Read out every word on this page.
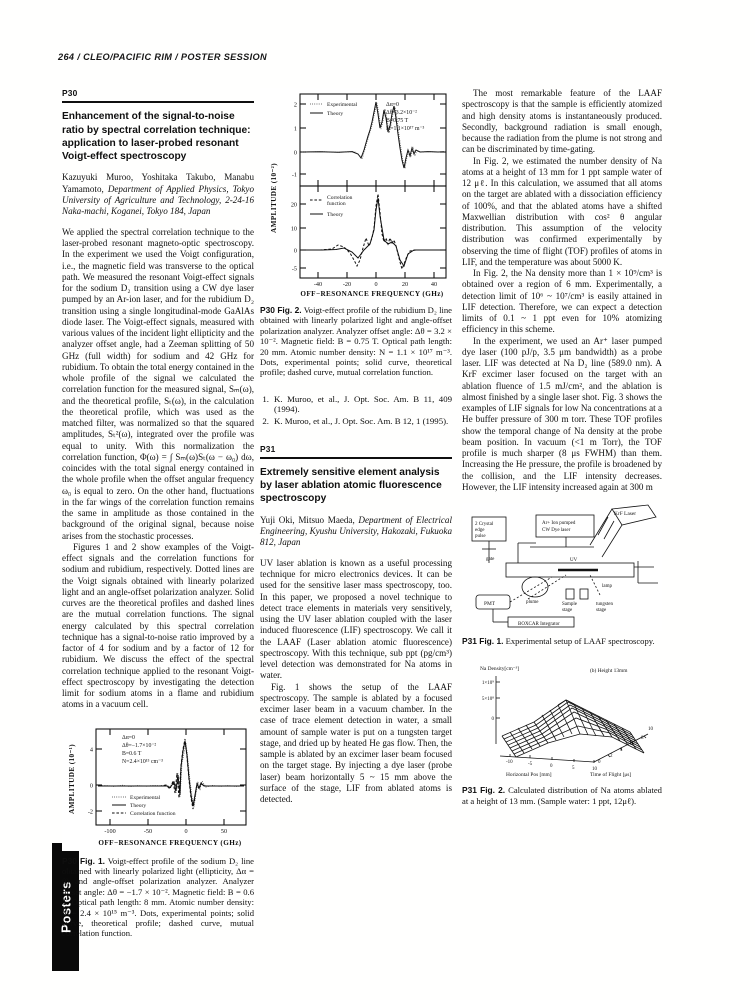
264 / CLEO/PACIFIC RIM / POSTER SESSION
Posters
P30
Enhancement of the signal-to-noise ratio by spectral correlation technique: application to laser-probed resonant Voigt-effect spectroscopy
Kazuyuki Muroo, Yoshitaka Takubo, Manabu Yamamoto, Department of Applied Physics, Tokyo University of Agriculture and Technology, 2-24-16 Naka-machi, Koganei, Tokyo 184, Japan

We applied the spectral correlation technique to the laser-probed resonant magneto-optic spectroscopy. In the experiment we used the Voigt configuration, i.e., the magnetic field was transverse to the optical path. We measured the resonant Voigt-effect signals for the sodium D₂ transition using a CW dye laser pumped by an Ar-ion laser, and for the rubidium D₂ transition using a single longitudinal-mode GaAlAs diode laser. The Voigt-effect signals, measured with various values of the incident light ellipticity and the analyzer offset angle, had a Zeeman splitting of 50 GHz (full width) for sodium and 42 GHz for rubidium. To obtain the total energy contained in the whole profile of the signal we calculated the correlation function for the measured signal, Sₘ(ω), and the theoretical profile, Sₜ(ω), in the calculation the theoretical profile, which was used as the matched filter, was normalized so that the squared amplitudes, Sₜ²(ω), integrated over the profile was equal to unity. With this normalization the correlation function, Φ(ω) = ∫ Sₘ(ω)Sₜ(ω − ω₀) dω, coincides with the total signal energy contained in the whole profile when the offset angular frequency ω₀ is equal to zero. On the other hand, fluctuations in the far wings of the correlation function remains the same in amplitude as those contained in the background of the original signal, because noise arises from the stochastic processes.

Figures 1 and 2 show examples of the Voigt-effect signals and the correlation functions for sodium and rubidium, respectively. Dotted lines are the Voigt signals obtained with linearly polarized light and an angle-offset polarization analyzer. Solid curves are the theoretical profiles and dashed lines are the mutual correlation functions. The signal energy calculated by this spectral correlation technique has a signal-to-noise ratio improved by a factor of 4 for sodium and by a factor of 12 for rubidium. We discuss the effect of the spectral correlation technique applied to the resonant Voigt-effect spectroscopy by investigating the detection limit for sodium atoms in a flame and rubidium atoms in a vacuum cell.

4
0
-2
-100	-50	0	50
Δα=0
Δθ=−1.7×10⁻²
B=0.6 T
N=2.4×10¹⁵ cm⁻³
Experimental
Theory
Correlation function
OFF−RESONANCE FREQUENCY (GHz)
AMPLITUDE (10⁻¹)
P30 Fig. 1. Voigt-effect profile of the sodium D₂ line obtained with linearly polarized light (ellipticity, Δα = 0) and angle-offset polarization analyzer. Analyzer offset angle: Δθ = −1.7 × 10⁻². Magnetic field: B = 0.6 T. Optical path length: 8 mm. Atomic number density: N = 2.4 × 10¹⁵ m⁻³. Dots, experimental points; solid curve, theoretical profile; dashed curve, mutual correlation function.
2
1
0
-1
Δα=0
Δθ=3.2×10⁻²
B=0.75 T
N=1.1×10¹⁷ m⁻³
Experimental
Theory
20
10
0
-5
-40	-20	0	20	40
Correlation
function
Theory
OFF−RESONANCE FREQUENCY (GHz)
AMPLITUDE (10⁻²)
P30 Fig. 2. Voigt-effect profile of the rubidium D₂ line obtained with linearly polarized light and angle-offset polarization analyzer. Analyzer offset angle: Δθ = 3.2 × 10⁻². Magnetic field: B = 0.75 T. Optical path length: 20 mm. Atomic number density: N = 1.1 × 10¹⁷ m⁻³. Dots, experimental points; solid curve, theoretical profile; dashed curve, mutual correlation function.
1. K. Muroo, et al., J. Opt. Soc. Am. B 11, 409 (1994).
2. K. Muroo, et al., J. Opt. Soc. Am. B 12, 1 (1995).
P31
Extremely sensitive element analysis by laser ablation atomic fluorescence spectroscopy
Yuji Oki, Mitsuo Maeda, Department of Electrical Engineering, Kyushu University, Hakozaki, Fukuoka 812, Japan

UV laser ablation is known as a useful processing technique for micro electronics devices. It can be used for the sensitive laser mass spectroscopy, too. In this paper, we proposed a novel technique to detect trace elements in materials very sensitively, using the UV laser ablation coupled with the laser induced fluorescence (LIF) spectroscopy. We call it the LAAF (Laser ablation atomic fluorescence) spectroscopy. With this technique, sub ppt (pg/cm³) level detection was demonstrated for Na atoms in water.

Fig. 1 shows the setup of the LAAF spectroscopy. The sample is ablated by a focused excimer laser beam in a vacuum chamber. In the case of trace element detection in water, a small amount of sample water is put on a tungsten target stage, and dried up by heated He gas flow. Then, the sample is ablated by an excimer laser beam focused on the target stage. By injecting a dye laser (probe laser) beam horizontally 5 ~ 15 mm above the surface of the stage, LIF from ablated atoms is detected.

The most remarkable feature of the LAAF spectroscopy is that the sample is efficiently atomized and high density atoms is instantaneously produced. Secondly, background radiation is small enough, because the radiation from the plume is not strong and can be discriminated by time-gating.

In Fig. 2, we estimated the number density of Na atoms at a height of 13 mm for 1 ppt sample water of 12 μℓ. In this calculation, we assumed that all atoms on the target are ablated with a dissociation efficiency of 100%, and that the ablated atoms have a shifted Maxwellian distribution with cos² θ angular distribution. This assumption of the velocity distribution was confirmed experimentally by observing the time of flight (TOF) profiles of atoms in LIF, and the temperature was about 5000 K.

In Fig. 2, the Na density more than 1 × 10⁹/cm³ is obtained over a region of 6 mm. Experimentally, a detection limit of 10⁶ ~ 10⁷/cm³ is easily attained in LIF detection. Therefore, we can expect a detection limits of 0.1 ~ 1 ppt even for 10% atomizing efficiency in this scheme.

In the experiment, we used an Ar⁺ laser pumped dye laser (100 pJ/p, 3.5 μm bandwidth) as a probe laser. LIF was detected at Na D₂ line (589.0 nm). A KrF excimer laser focused on the target with an ablation fluence of 1.5 mJ/cm², and the ablation is almost finished by a single laser shot. Fig. 3 shows the examples of LIF signals for low Na concentrations at a He buffer pressure of 300 m torr. These TOF profiles show the temporal change of Na density at the probe beam position. In vacuum (<1 m Torr), the TOF profile is much sharper (8 μs FWHM) than them. Increasing the He pressure, the profile is broadened by the collision, and the LIF intensity decreases. However, the LIF intensity increased again at 300 m

2 Crystal
edge
pulse
Ar+ Ion pumped
CW Dye laser
KrF Laser
UV
gate
PMT	plume	Sample
stage
tungsten
stage
BOXCAR Integrator
lamp
P31 Fig. 1. Experimental setup of LAAF spectroscopy.
Na Density[cm⁻³]	(b) Height 13mm
1×10⁹
5×10⁸
0
-10	-5	0	5	10
0
2
4
6
8
10
Horizontal Pos [mm]	Time of Flight [μs]
P31 Fig. 2. Calculated distribution of Na atoms ablated at a height of 13 mm. (Sample water: 1 ppt, 12μℓ).
